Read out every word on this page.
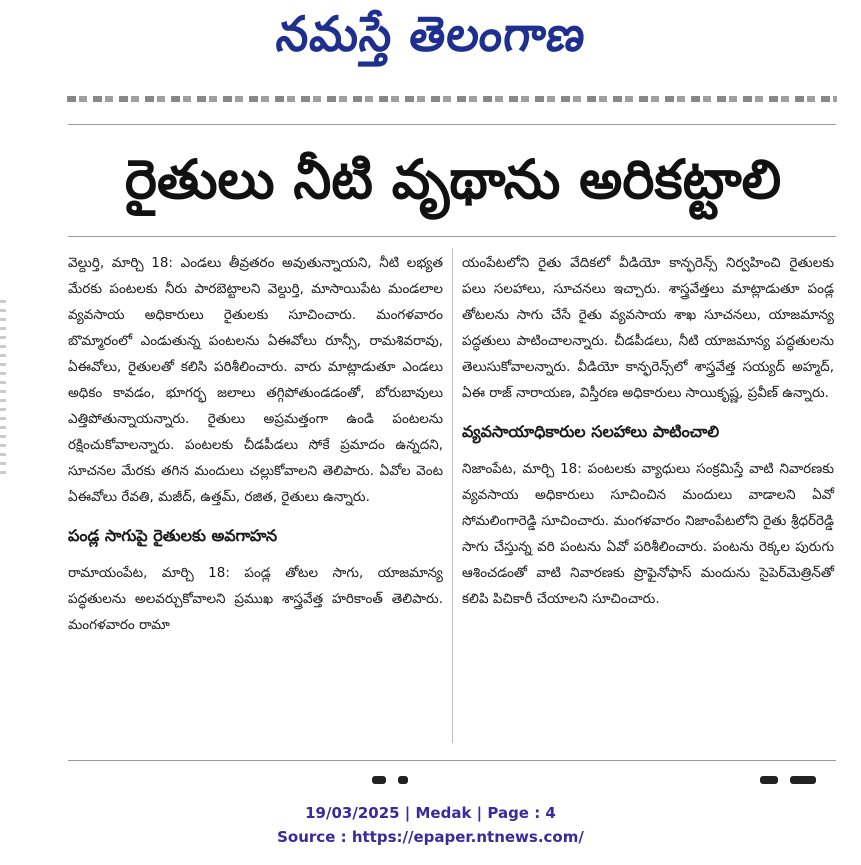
నమస్తే తెలంగాణ
రైతులు నీటి వృథాను అరికట్టాలి

వెల్దుర్తి, మార్చి 18: ఎండలు తీవ్రతరం అవుతున్నాయని, నీటి లభ్యత మేరకు పంటలకు నీరు పారబెట్టాలని వెల్దుర్తి, మాసాయిపేట మండలాల వ్యవసాయ అధికారులు రైతులకు సూచించారు. మంగళవారం బొమ్మారంలో ఎండుతున్న పంటలను ఏఈవోలు రూన్సీ, రామశివరావు, ఏఈవోలు, రైతులతో కలిసి పరిశీలించారు. వారు మాట్లాడుతూ ఎండలు అధికం కావడం, భూగర్భ జలాలు తగ్గిపోతుండడంతో, బోరుబావులు ఎత్తిపోతున్నాయన్నారు. రైతులు అప్రమత్తంగా ఉండి పంటలను రక్షించుకోవాలన్నారు. పంటలకు చీడపీడలు సోకే ప్రమాదం ఉన్నదని, సూచనల మేరకు తగిన మందులు చల్లుకోవాలని తెలిపారు. ఏవోల వెంట ఏఈవోలు రేవతి, మజీద్, ఉత్తమ్, రజిత, రైతులు ఉన్నారు.

పండ్ల సాగుపై రైతులకు అవగాహన

రామాయంపేట, మార్చి 18: పండ్ల తోటల సాగు, యాజమాన్య పద్ధతులను అలవర్చుకోవాలని ప్రముఖ శాస్త్రవేత్త హరికాంత్ తెలిపారు. మంగళవారం రామా

యంపేటలోని రైతు వేదికలో వీడియో కాన్ఫరెన్స్ నిర్వహించి రైతులకు పలు సలహాలు, సూచనలు ఇచ్చారు. శాస్త్రవేత్తలు మాట్లాడుతూ పండ్ల తోటలను సాగు చేసే రైతు వ్యవసాయ శాఖ సూచనలు, యాజమాన్య పద్ధతులు పాటించాలన్నారు. చీడపీడలు, నీటి యాజమాన్య పద్ధతులను తెలుసుకోవాలన్నారు. వీడియో కాన్ఫరెన్స్‌లో శాస్త్రవేత్త సయ్యద్ అహ్మద్, ఏఈ రాజ్ నారాయణ, విస్తీరణ అధికారులు సాయికృష్ణ, ప్రవీణ్ ఉన్నారు.

వ్యవసాయాధికారుల సలహాలు పాటించాలి

నిజాంపేట, మార్చి 18: పంటలకు వ్యాధులు సంక్రమిస్తే వాటి నివారణకు వ్యవసాయ అధికారులు సూచించిన మందులు వాడాలని ఏవో సోమలింగారెడ్డి సూచించారు. మంగళవారం నిజాంపేటలోని రైతు శ్రీధర్‌రెడ్డి సాగు చేస్తున్న వరి పంటను ఏవో పరిశీలించారు. పంటను రెక్కల పురుగు ఆశించడంతో వాటి నివారణకు ప్రొఫైనోఫాస్ మందును సైపెర్‌మెత్రిన్‌తో కలిపి పిచికారీ చేయాలని సూచించారు.

19/03/2025 | Medak | Page : 4
Source : https://epaper.ntnews.com/
